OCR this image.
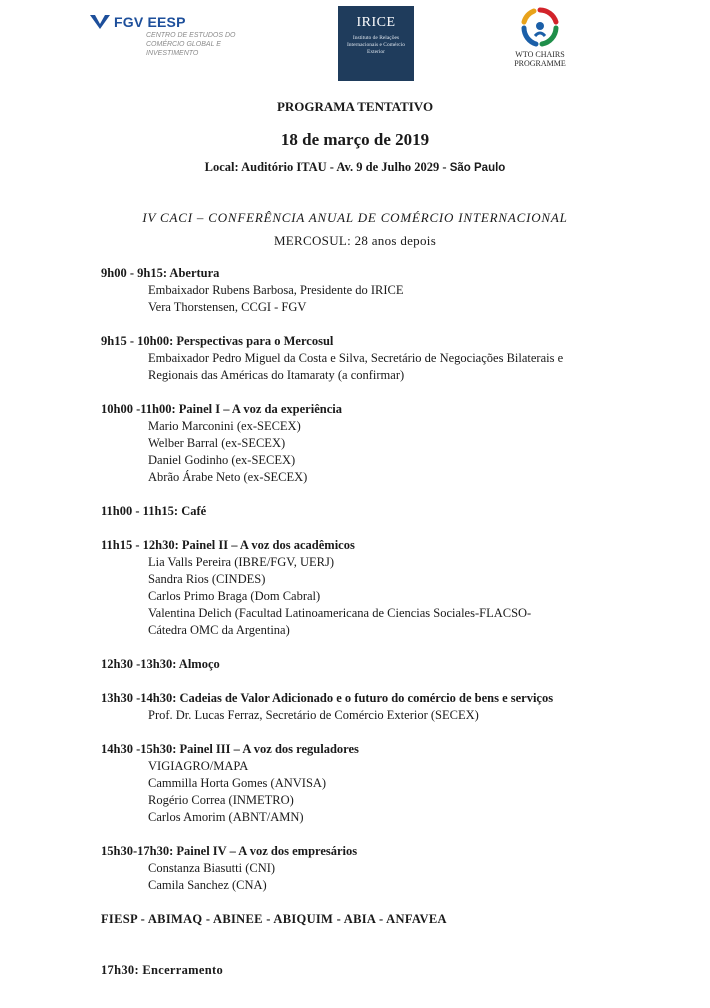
FGV EESP
CENTRO DE ESTUDOS DO COMÉRCIO GLOBAL E INVESTIMENTO
IRICE
Instituto de Relações Internacionais e Comércio Exterior	WTO CHAIRS PROGRAMME
PROGRAMA TENTATIVO
18 de março de 2019
Local: Auditório ITAU - Av. 9 de Julho 2029 - São Paulo
IV CACI – CONFERÊNCIA ANUAL DE COMÉRCIO INTERNACIONAL
MERCOSUL: 28 anos depois
9h00 - 9h15: Abertura
Embaixador Rubens Barbosa, Presidente do IRICE
Vera Thorstensen, CCGI - FGV
9h15 - 10h00: Perspectivas para o Mercosul
Embaixador Pedro Miguel da Costa e Silva, Secretário de Negociações Bilaterais e
Regionais das Américas do Itamaraty (a confirmar)
10h00 -11h00: Painel I – A voz da experiência
Mario Marconini (ex-SECEX)
Welber Barral (ex-SECEX)
Daniel Godinho (ex-SECEX)
Abrão Árabe Neto (ex-SECEX)
11h00 - 11h15: Café
11h15 - 12h30: Painel II – A voz dos acadêmicos
Lia Valls Pereira (IBRE/FGV, UERJ)
Sandra Rios (CINDES)
Carlos Primo Braga (Dom Cabral)
Valentina Delich (Facultad Latinoamericana de Ciencias Sociales-FLACSO-
Cátedra OMC da Argentina)
12h30 -13h30: Almoço
13h30 -14h30: Cadeias de Valor Adicionado e o futuro do comércio de bens e serviços
Prof. Dr. Lucas Ferraz, Secretário de Comércio Exterior (SECEX)
14h30 -15h30: Painel III – A voz dos reguladores
VIGIAGRO/MAPA
Cammilla Horta Gomes (ANVISA)
Rogério Correa (INMETRO)
Carlos Amorim (ABNT/AMN)
15h30-17h30: Painel IV – A voz dos empresários
Constanza Biasutti (CNI)
Camila Sanchez (CNA)
FIESP - ABIMAQ - ABINEE - ABIQUIM - ABIA - ANFAVEA
17h30: Encerramento
